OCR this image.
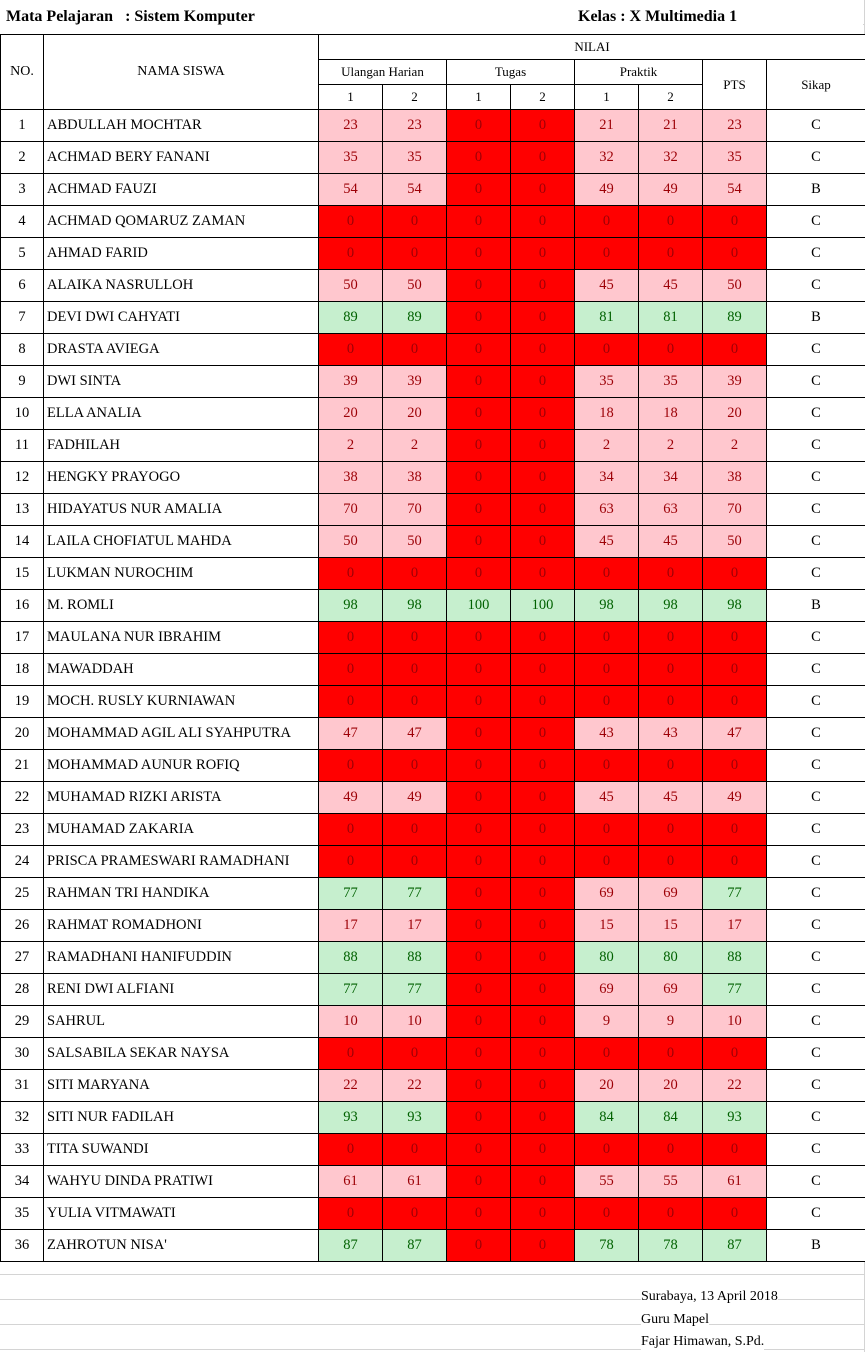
Mata Pelajaran : Sistem Komputer	Kelas : X Multimedia 1
NO.	NAMA SISWA	NILAI							
		Ulangan Harian		Tugas		Praktik		PTS	Sikap
		1	2	1	2	1	2		
1	ABDULLAH MOCHTAR	23	23	0	0	21	21	23	C
2	ACHMAD BERY FANANI	35	35	0	0	32	32	35	C
3	ACHMAD FAUZI	54	54	0	0	49	49	54	B
4	ACHMAD QOMARUZ ZAMAN	0	0	0	0	0	0	0	C
5	AHMAD FARID	0	0	0	0	0	0	0	C
6	ALAIKA NASRULLOH	50	50	0	0	45	45	50	C
7	DEVI DWI CAHYATI	89	89	0	0	81	81	89	B
8	DRASTA AVIEGA	0	0	0	0	0	0	0	C
9	DWI SINTA	39	39	0	0	35	35	39	C
10	ELLA ANALIA	20	20	0	0	18	18	20	C
11	FADHILAH	2	2	0	0	2	2	2	C
12	HENGKY PRAYOGO	38	38	0	0	34	34	38	C
13	HIDAYATUS NUR AMALIA	70	70	0	0	63	63	70	C
14	LAILA CHOFIATUL MAHDA	50	50	0	0	45	45	50	C
15	LUKMAN NUROCHIM	0	0	0	0	0	0	0	C
16	M. ROMLI	98	98	100	100	98	98	98	B
17	MAULANA NUR IBRAHIM	0	0	0	0	0	0	0	C
18	MAWADDAH	0	0	0	0	0	0	0	C
19	MOCH. RUSLY KURNIAWAN	0	0	0	0	0	0	0	C
20	MOHAMMAD AGIL ALI SYAHPUTRA	47	47	0	0	43	43	47	C
21	MOHAMMAD AUNUR ROFIQ	0	0	0	0	0	0	0	C
22	MUHAMAD RIZKI ARISTA	49	49	0	0	45	45	49	C
23	MUHAMAD ZAKARIA	0	0	0	0	0	0	0	C
24	PRISCA PRAMESWARI RAMADHANI	0	0	0	0	0	0	0	C
25	RAHMAN TRI HANDIKA	77	77	0	0	69	69	77	C
26	RAHMAT ROMADHONI	17	17	0	0	15	15	17	C
27	RAMADHANI HANIFUDDIN	88	88	0	0	80	80	88	C
28	RENI DWI ALFIANI	77	77	0	0	69	69	77	C
29	SAHRUL	10	10	0	0	9	9	10	C
30	SALSABILA SEKAR NAYSA	0	0	0	0	0	0	0	C
31	SITI MARYANA	22	22	0	0	20	20	22	C
32	SITI NUR FADILAH	93	93	0	0	84	84	93	C
33	TITA SUWANDI	0	0	0	0	0	0	0	C
34	WAHYU DINDA PRATIWI	61	61	0	0	55	55	61	C
35	YULIA VITMAWATI	0	0	0	0	0	0	0	C
36	ZAHROTUN NISA'	87	87	0	0	78	78	87	B
Surabaya, 13 April 2018
Guru Mapel
Fajar Himawan, S.Pd.
